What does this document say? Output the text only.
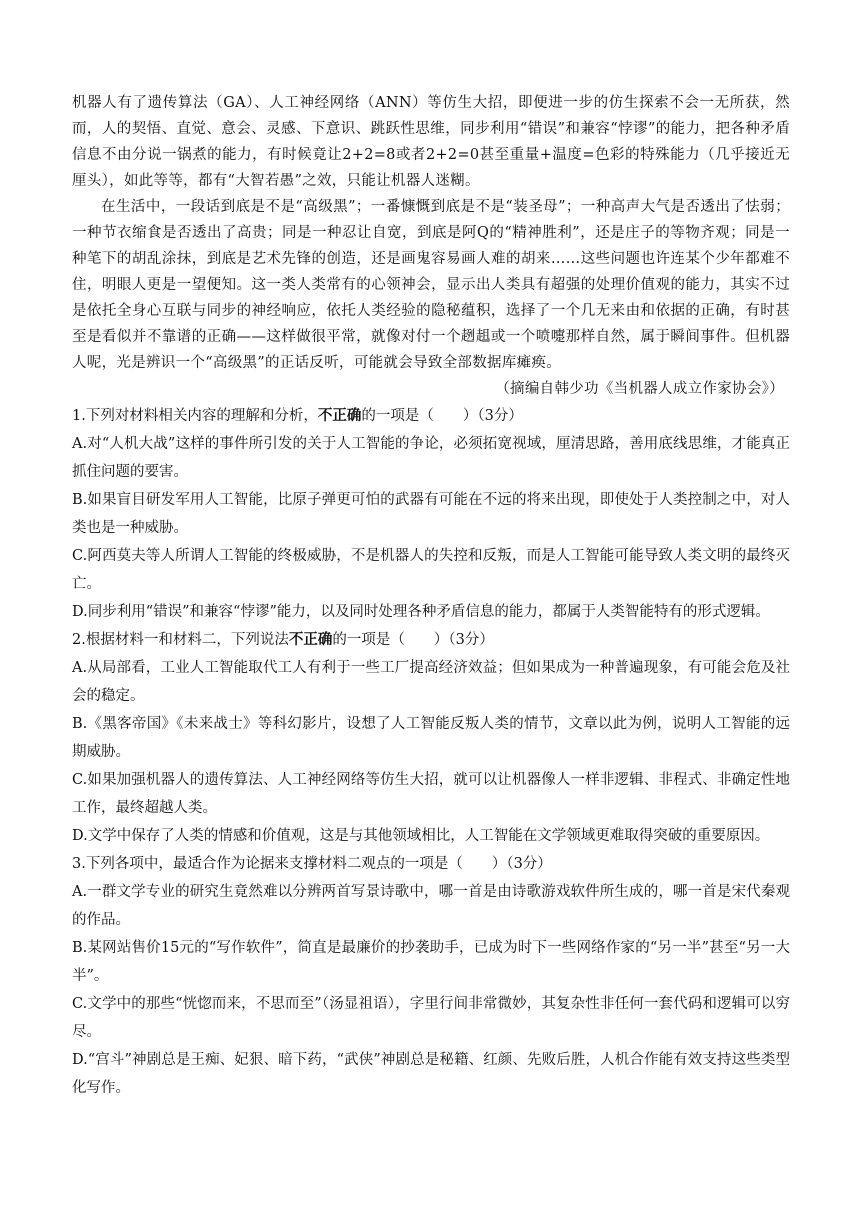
机器人有了遗传算法（GA）、人工神经网络（ANN）等仿生大招，即便进一步的仿生探索不会一无所获，然而，人的契悟、直觉、意会、灵感、下意识、跳跃性思维，同步利用“错误”和兼容“悖谬”的能力，把各种矛盾信息不由分说一锅煮的能力，有时候竟让2+2=8或者2+2=0甚至重量+温度=色彩的特殊能力（几乎接近无厘头），如此等等，都有“大智若愚”之效，只能让机器人迷糊。

在生活中，一段话到底是不是“高级黑”；一番慷慨到底是不是“装圣母”；一种高声大气是否透出了怯弱；一种节衣缩食是否透出了高贵；同是一种忍让自宽，到底是阿Q的“精神胜利”，还是庄子的等物齐观；同是一种笔下的胡乱涂抹，到底是艺术先锋的创造，还是画鬼容易画人难的胡来……这些问题也许连某个少年都难不住，明眼人更是一望便知。这一类人类常有的心领神会，显示出人类具有超强的处理价值观的能力，其实不过是依托全身心互联与同步的神经响应，依托人类经验的隐秘蕴积，选择了一个几无来由和依据的正确，有时甚至是看似并不靠谱的正确——这样做很平常，就像对付一个趔趄或一个喷嚏那样自然，属于瞬间事件。但机器人呢，光是辨识一个“高级黑”的正话反听，可能就会导致全部数据库瘫痪。

（摘编自韩少功《当机器人成立作家协会》）

1.下列对材料相关内容的理解和分析，不正确的一项是（　　）（3分）

A.对“人机大战”这样的事件所引发的关于人工智能的争论，必须拓宽视域，厘清思路，善用底线思维，才能真正抓住问题的要害。

B.如果盲目研发军用人工智能，比原子弹更可怕的武器有可能在不远的将来出现，即使处于人类控制之中，对人类也是一种威胁。

C.阿西莫夫等人所谓人工智能的终极威胁，不是机器人的失控和反叛，而是人工智能可能导致人类文明的最终灭亡。

D.同步利用“错误”和兼容“悖谬”能力，以及同时处理各种矛盾信息的能力，都属于人类智能特有的形式逻辑。

2.根据材料一和材料二，下列说法不正确的一项是（　　）（3分）

A.从局部看，工业人工智能取代工人有利于一些工厂提高经济效益；但如果成为一种普遍现象，有可能会危及社会的稳定。

B.《黑客帝国》《未来战士》等科幻影片，设想了人工智能反叛人类的情节，文章以此为例，说明人工智能的远期威胁。

C.如果加强机器人的遗传算法、人工神经网络等仿生大招，就可以让机器像人一样非逻辑、非程式、非确定性地工作，最终超越人类。

D.文学中保存了人类的情感和价值观，这是与其他领域相比，人工智能在文学领域更难取得突破的重要原因。

3.下列各项中，最适合作为论据来支撑材料二观点的一项是（　　）（3分）

A.一群文学专业的研究生竟然难以分辨两首写景诗歌中，哪一首是由诗歌游戏软件所生成的，哪一首是宋代秦观的作品。

B.某网站售价15元的“写作软件”，简直是最廉价的抄袭助手，已成为时下一些网络作家的“另一半”甚至“另一大半”。

C.文学中的那些“恍惚而来，不思而至”（汤显祖语），字里行间非常微妙，其复杂性非任何一套代码和逻辑可以穷尽。

D.“宫斗”神剧总是王痴、妃狠、暗下药，“武侠”神剧总是秘籍、红颜、先败后胜，人机合作能有效支持这些类型化写作。
